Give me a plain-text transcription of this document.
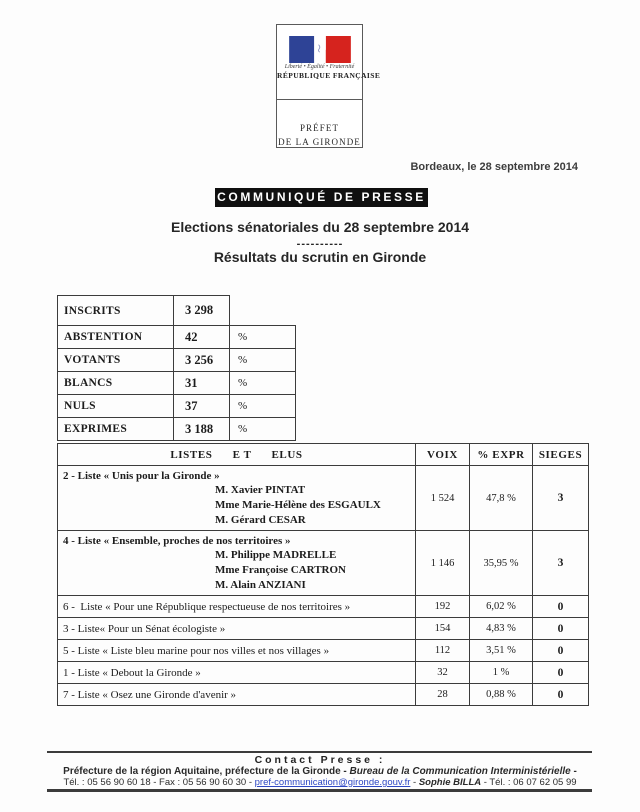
Liberté • Égalité • Fraternité
RÉPUBLIQUE FRANÇAISE
PRÉFET
DE LA GIRONDE
Bordeaux, le 28 septembre 2014
COMMUNIQUÉ DE PRESSE
Elections sénatoriales du 28 septembre 2014
----------
Résultats du scrutin en Gironde
INSCRITS	3 298	
ABSTENTION	42	%
VOTANTS	3 256	%
BLANCS	31	%
NULS	37	%
EXPRIMES	3 188	%
LISTES      E T      ELUS	VOIX	% EXPR	SIEGES

2 - Liste « Unis pour la Gironde »
M. Xavier PINTAT
Mme Marie-Hélène des ESGAULX
M. Gérard CESAR	1 524	47,8 %	3

4 - Liste « Ensemble, proches de nos territoires »
M. Philippe MADRELLE
Mme Françoise CARTRON
M. Alain ANZIANI	1 146	35,95 %	3

6 -  Liste « Pour une République respectueuse de nos territoires »	192	6,02 %	0

3 - Liste« Pour un Sénat écologiste »	154	4,83 %	0

5 - Liste « Liste bleu marine pour nos villes et nos villages »	112	3,51 %	0

1 - Liste « Debout la Gironde »	32	1 %	0

7 - Liste « Osez une Gironde d'avenir »	28	0,88 %	0
Contact Presse :
Préfecture de la région Aquitaine, préfecture de la Gironde - Bureau de la Communication Interministérielle -
Tél. : 05 56 90 60 18 - Fax : 05 56 90 60 30 - pref-communication@gironde.gouv.fr - Sophie BILLA - Tél. : 06 07 62 05 99
